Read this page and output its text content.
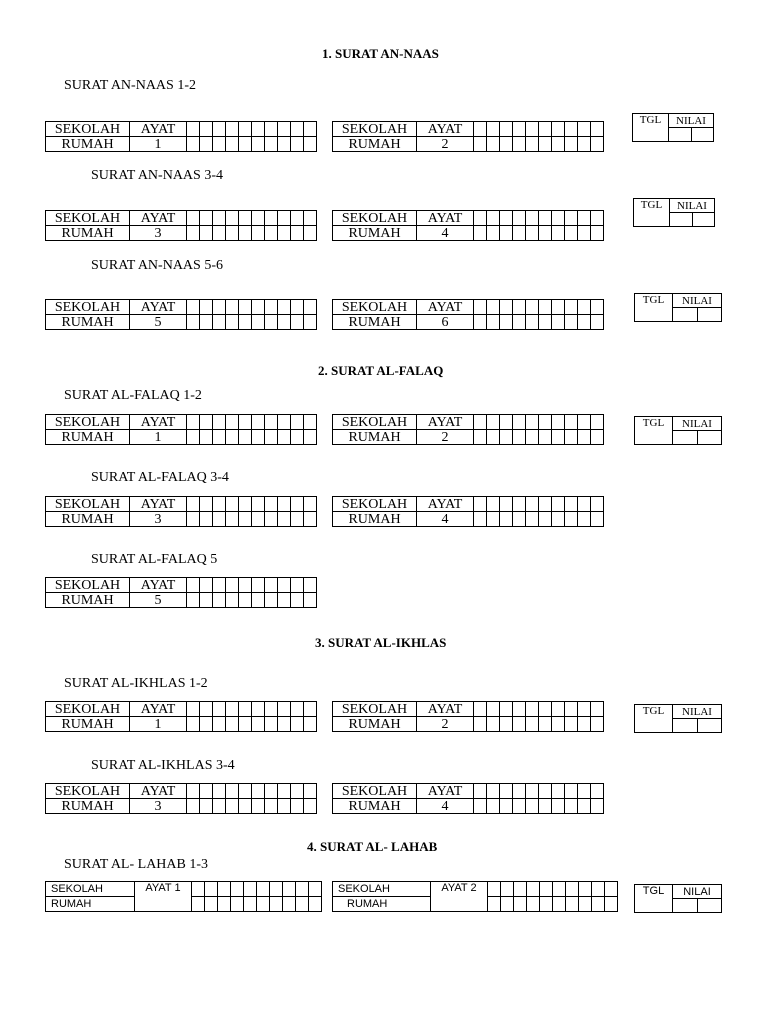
1. SURAT AN-NAAS
2. SURAT AL-FALAQ
3. SURAT AL-IKHLAS
4. SURAT AL- LAHAB
SURAT AN-NAAS 1-2
SURAT AN-NAAS 3-4
SURAT AN-NAAS 5-6
SURAT AL-FALAQ 1-2
SURAT AL-FALAQ 3-4
SURAT AL-FALAQ 5
SURAT AL-IKHLAS 1-2
SURAT AL-IKHLAS 3-4
SURAT AL- LAHAB 1-3
SEKOLAH	AYAT										
RUMAH	1										
SEKOLAH	AYAT										
RUMAH	2										
TGL	NILAI	

SEKOLAH	AYAT										
RUMAH	3										
SEKOLAH	AYAT										
RUMAH	4										
TGL	NILAI	

SEKOLAH	AYAT										
RUMAH	5										
SEKOLAH	AYAT										
RUMAH	6										
TGL	NILAI	

SEKOLAH	AYAT										
RUMAH	1										
SEKOLAH	AYAT										
RUMAH	2										
TGL	NILAI	

SEKOLAH	AYAT										
RUMAH	3										
SEKOLAH	AYAT										
RUMAH	4										
SEKOLAH	AYAT										
RUMAH	5										
SEKOLAH	AYAT										
RUMAH	1										
SEKOLAH	AYAT										
RUMAH	2										
TGL	NILAI	

SEKOLAH	AYAT										
RUMAH	3										
SEKOLAH	AYAT										
RUMAH	4										
SEKOLAH	AYAT 1										
RUMAH											
SEKOLAH	AYAT 2										
RUMAH											
TGL	NILAI	
